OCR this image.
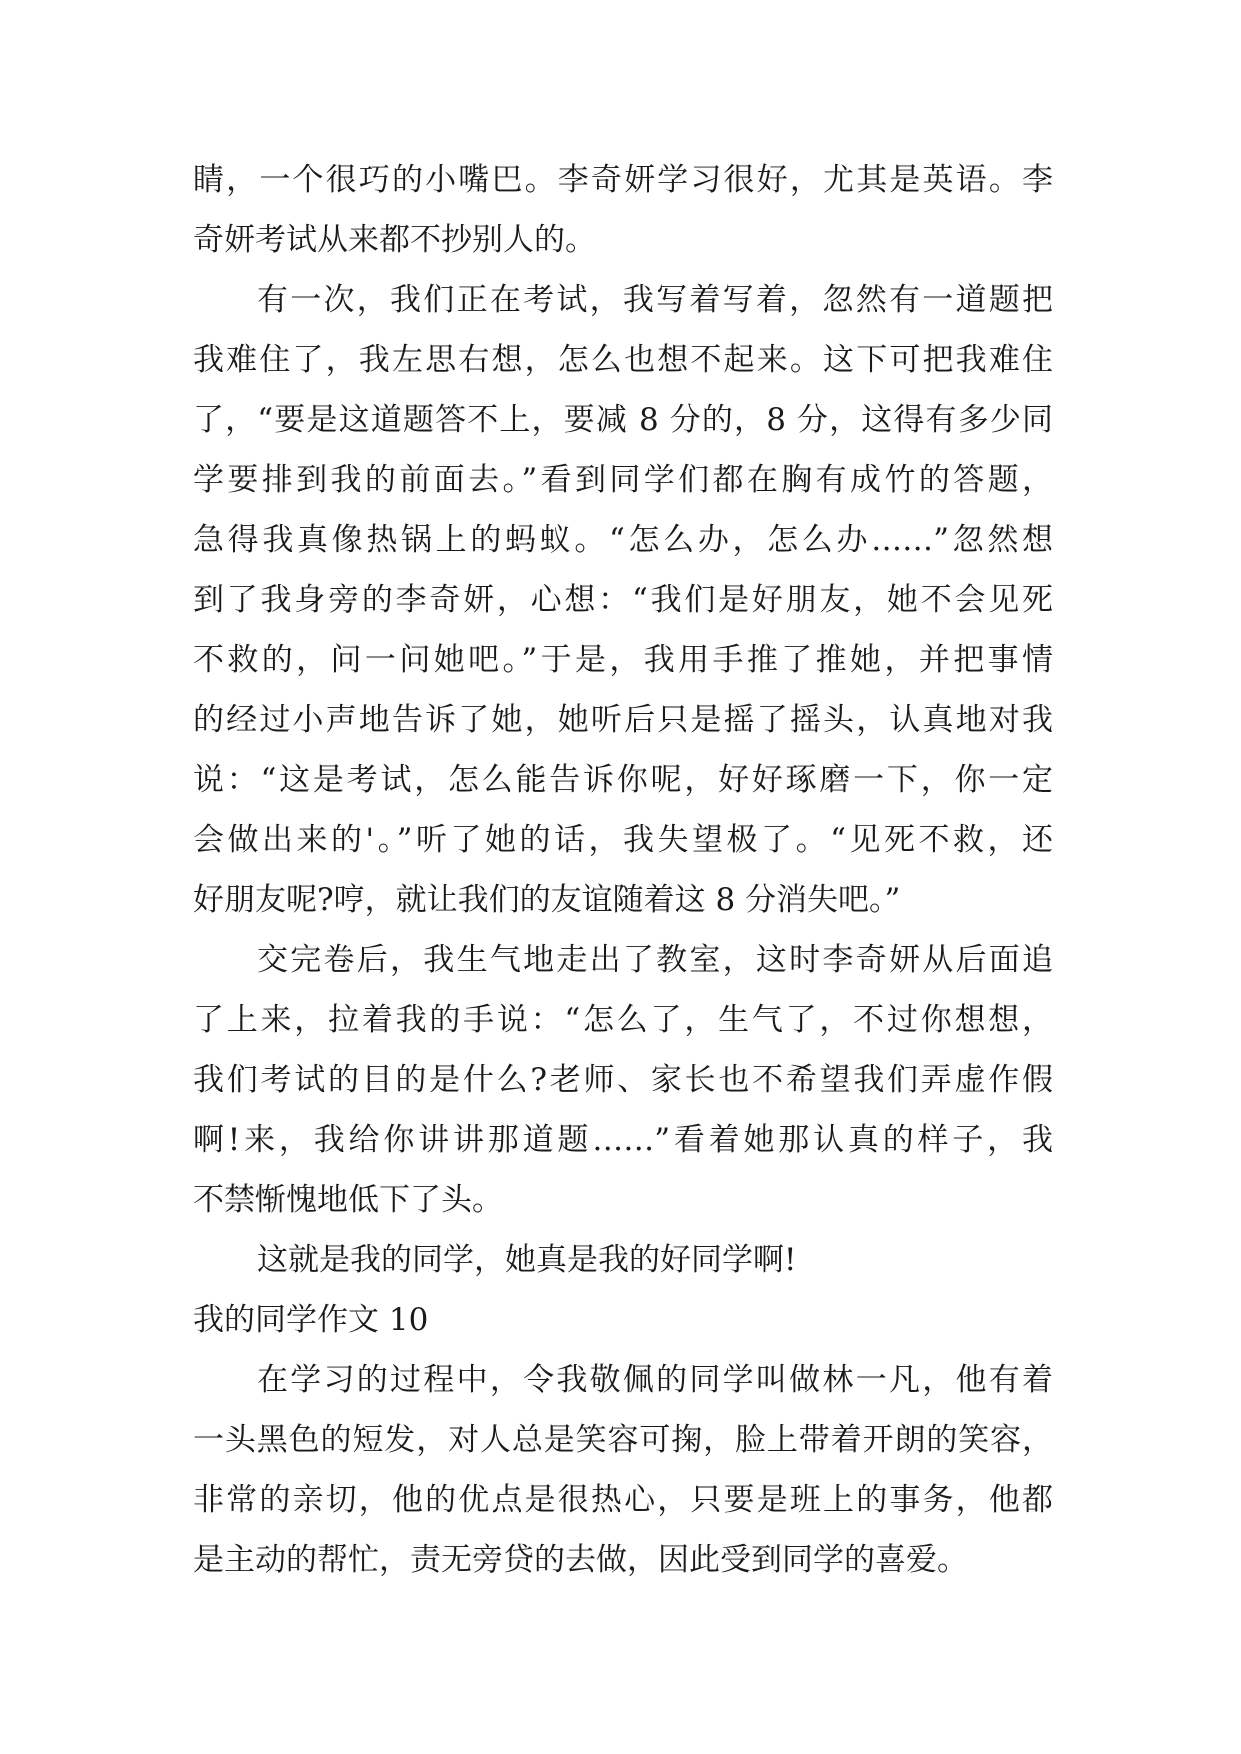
睛，一个很巧的小嘴巴。李奇妍学习很好，尤其是英语。李
奇妍考试从来都不抄别人的。
有一次，我们正在考试，我写着写着，忽然有一道题把
我难住了，我左思右想，怎么也想不起来。这下可把我难住
了，“要是这道题答不上，要减 8 分的，8 分，这得有多少同
学要排到我的前面去。”看到同学们都在胸有成竹的答题，
急得我真像热锅上的蚂蚁。“怎么办，怎么办……”忽然想
到了我身旁的李奇妍，心想：“我们是好朋友，她不会见死
不救的，问一问她吧。”于是，我用手推了推她，并把事情
的经过小声地告诉了她，她听后只是摇了摇头，认真地对我
说：“这是考试，怎么能告诉你呢，好好琢磨一下，你一定
会做出来的'。”听了她的话，我失望极了。“见死不救，还
好朋友呢?哼，就让我们的友谊随着这 8 分消失吧。”
交完卷后，我生气地走出了教室，这时李奇妍从后面追
了上来，拉着我的手说：“怎么了，生气了，不过你想想，
我们考试的目的是什么?老师、家长也不希望我们弄虚作假
啊!来，我给你讲讲那道题……”看着她那认真的样子，我
不禁惭愧地低下了头。
这就是我的同学，她真是我的好同学啊!
我的同学作文 10
在学习的过程中，令我敬佩的同学叫做林一凡，他有着
一头黑色的短发，对人总是笑容可掬，脸上带着开朗的笑容，
非常的亲切，他的优点是很热心，只要是班上的事务，他都
是主动的帮忙，责无旁贷的去做，因此受到同学的喜爱。
